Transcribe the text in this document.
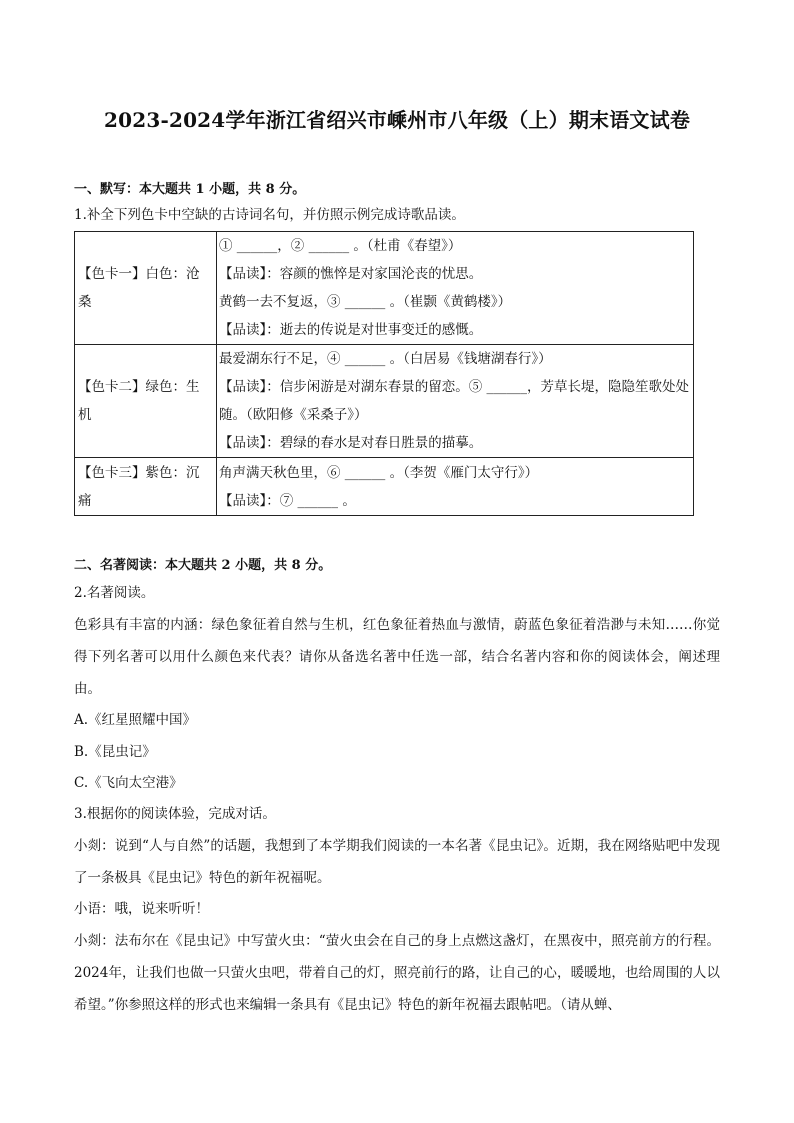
2023-2024学年浙江省绍兴市嵊州市八年级（上）期末语文试卷
一、默写：本大题共 1 小题，共 8 分。
1.补全下列色卡中空缺的古诗词名句，并仿照示例完成诗歌品读。
【色卡一】白色：沧桑	① ______，② ______ 。（杜甫《春望》）
【品读】：容颜的憔悴是对家国沦丧的忧思。
黄鹤一去不复返，③ ______ 。（崔颢《黄鹤楼》）
【品读】：逝去的传说是对世事变迁的感慨。

【色卡二】绿色：生机	最爱湖东行不足，④ ______ 。（白居易《钱塘湖春行》）
【品读】：信步闲游是对湖东春景的留恋。⑤ ______，芳草长堤，隐隐笙歌处处随。（欧阳修《采桑子》）
【品读】：碧绿的春水是对春日胜景的描摹。

【色卡三】紫色：沉痛	角声满天秋色里，⑥ ______ 。（李贺《雁门太守行》）
【品读】：⑦ ______ 。
二、名著阅读：本大题共 2 小题，共 8 分。
2.名著阅读。
色彩具有丰富的内涵：绿色象征着自然与生机，红色象征着热血与激情，蔚蓝色象征着浩渺与未知……你觉得下列名著可以用什么颜色来代表？请你从备选名著中任选一部，结合名著内容和你的阅读体会，阐述理由。
A.《红星照耀中国》
B.《昆虫记》
C.《飞向太空港》
3.根据你的阅读体验，完成对话。
小剡：说到“人与自然”的话题，我想到了本学期我们阅读的一本名著《昆虫记》。近期，我在网络贴吧中发现了一条极具《昆虫记》特色的新年祝福呢。
小语：哦，说来听听！
小剡：法布尔在《昆虫记》中写萤火虫：“萤火虫会在自己的身上点燃这盏灯，在黑夜中，照亮前方的行程。 2024年，让我们也做一只萤火虫吧，带着自己的灯，照亮前行的路，让自己的心，暖暖地，也给周围的人以希望。”你参照这样的形式也来编辑一条具有《昆虫记》特色的新年祝福去跟帖吧。（请从蝉、
